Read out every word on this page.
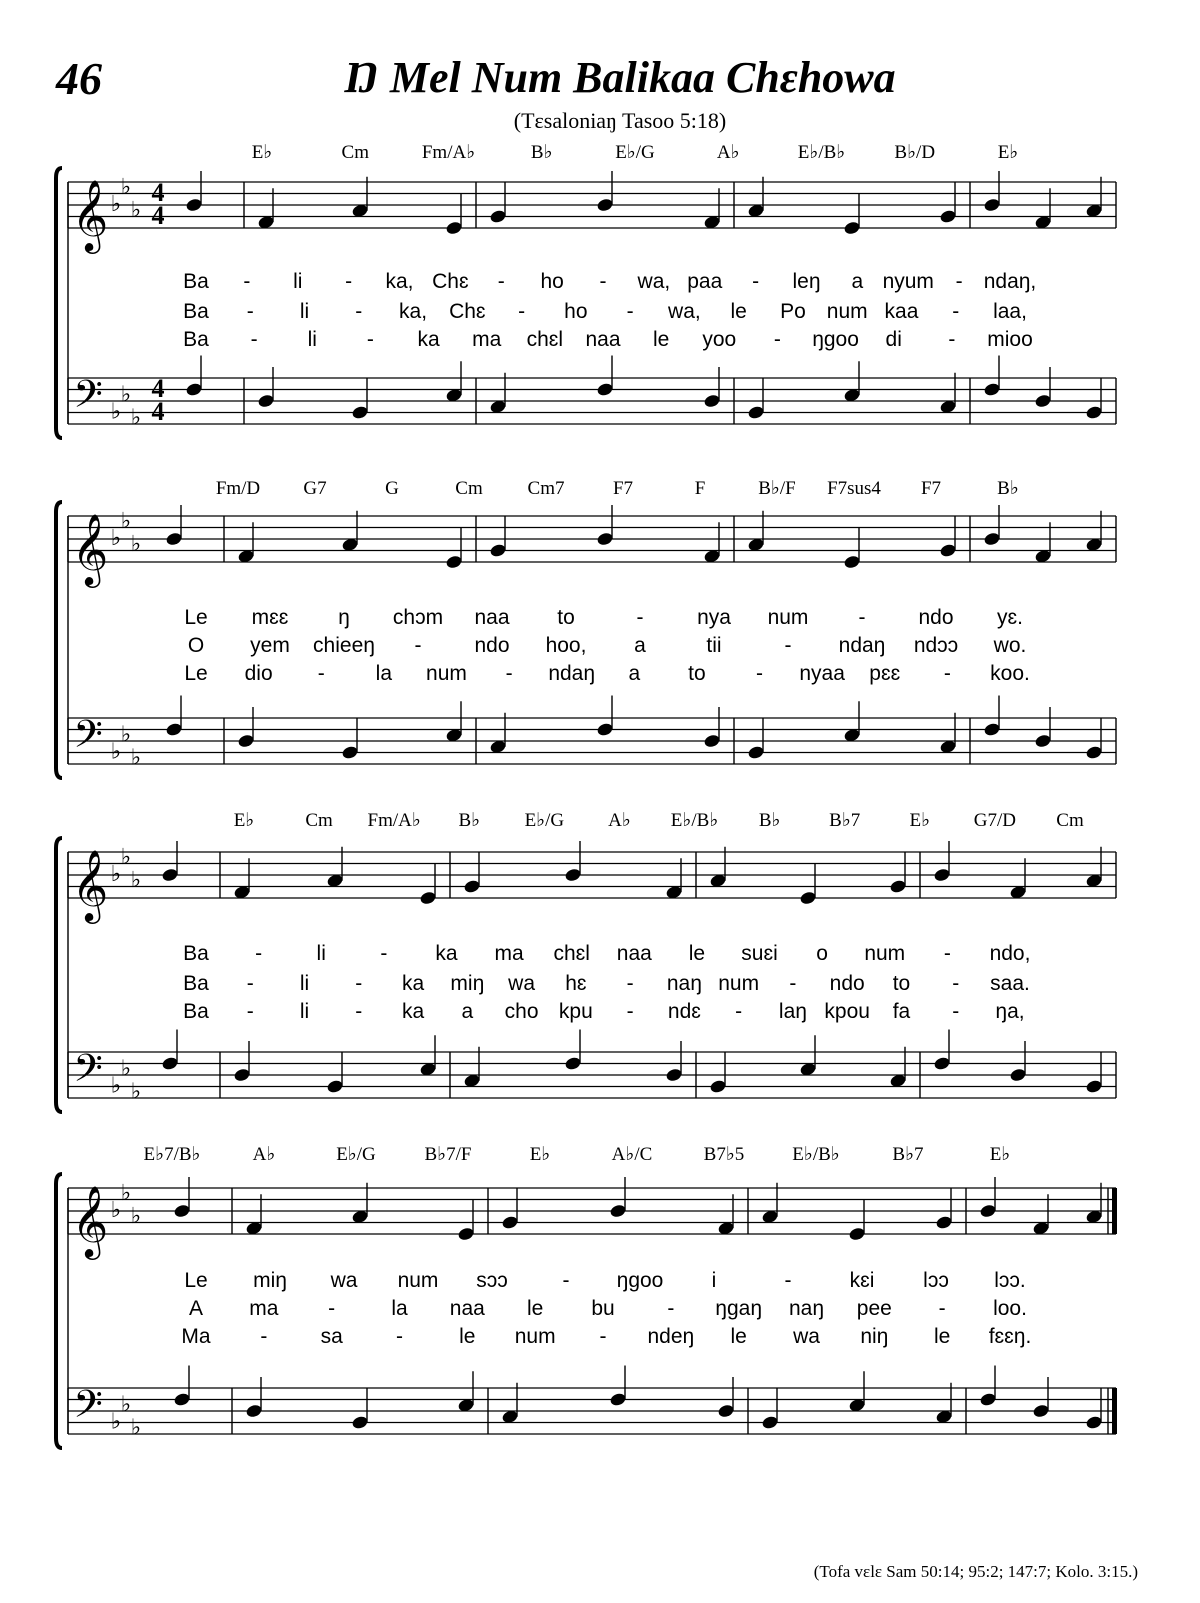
46	Ŋ Mel Num Balikaa Chɛhowa
(Tɛsaloniaŋ Tasoo 5:18)
𝄞 ♭
♭
♭
4
4
𝄢 ♭
♭
♭
4
4
E♭	Cm	Fm/A♭	B♭	E♭/G	A♭	E♭/B♭	B♭/D	E♭
Ba - li - ka, Chɛ - ho - wa, paa - leŋ a nyum - ndaŋ,
Ba - li - ka, Chɛ - ho - wa, le Po num kaa - laa,
Ba - li - ka ma chɛl naa le yoo - ŋgoo di - mioo
𝄞 ♭
♭
♭
𝄢 ♭
♭
♭
Fm/D G7	G	Cm Cm7	F7	F	B♭/F F7sus4 F7	B♭
Le mɛɛ ŋ chɔm naa to	-	nya num -	ndo yɛ.
O yem chieeŋ -	ndo hoo, a	tii	- ndaŋ ndɔɔ wo.
Le dio - la num - ndaŋ a to - nyaa pɛɛ - koo.
𝄞 ♭
♭
♭
𝄢 ♭
♭
♭
E♭	Cm Fm/A♭ B♭ E♭/G A♭ E♭/B♭ B♭	B♭7	E♭ G7/D Cm
Ba -	li	- ka ma chɛl naa le suɛi o num - ndo,
Ba - li - ka miŋ wa hɛ - naŋ num - ndo to - saa.
Ba - li - ka a cho kpu - ndɛ - laŋ kpou fa - ŋa,
𝄞 ♭
♭
♭
𝄢 ♭
♭
♭
E♭7/B♭	A♭	E♭/G	B♭7/F	E♭	A♭/C	B7♭5	E♭/B♭	B♭7	E♭
Le miŋ wa num sɔɔ	- ŋgoo i	-	kɛi lɔɔ lɔɔ.
A ma -	la naa le bu	- ŋgaŋ naŋ pee - loo.
Ma -	sa	-	le num - ndeŋ le wa niŋ le fɛɛŋ.
(Tofa vɛlɛ Sam 50:14; 95:2; 147:7; Kolo. 3:15.)
